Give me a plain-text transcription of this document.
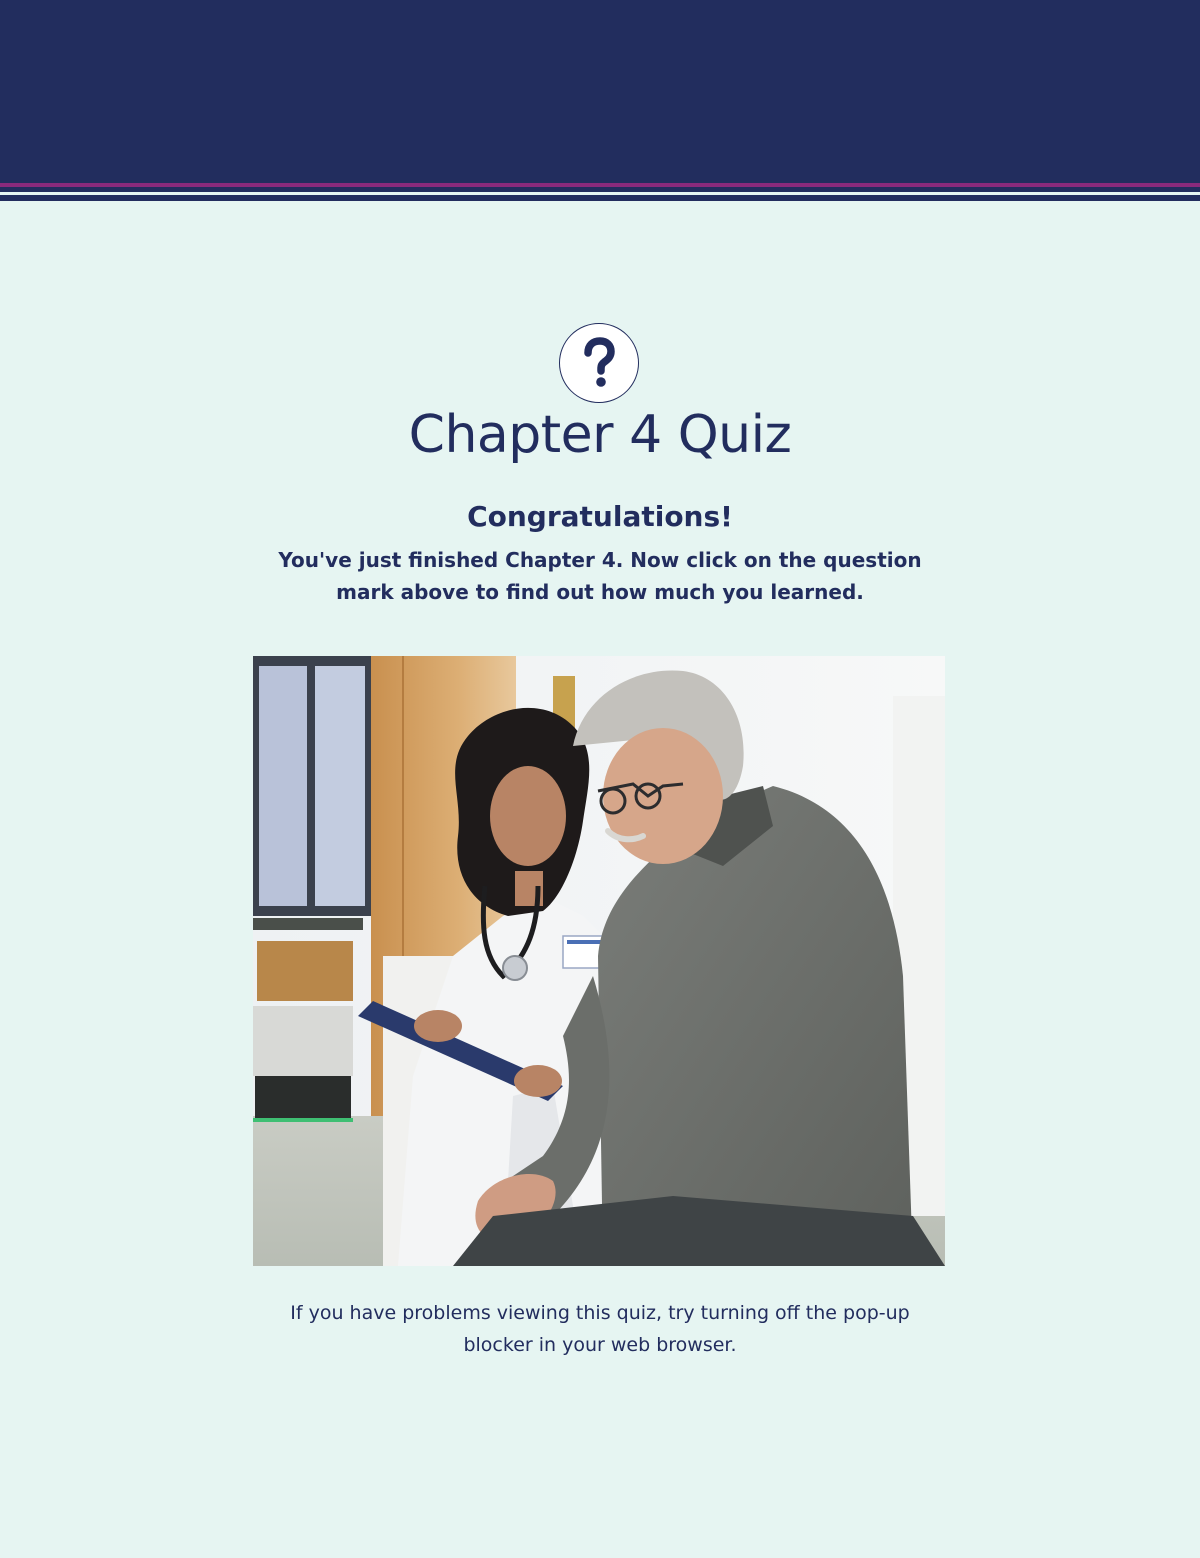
Chapter 4 Quiz

Congratulations!

You've just finished Chapter 4. Now click on the question mark above to find out how much you learned.

If you have problems viewing this quiz, try turning off the pop-up blocker in your web browser.
